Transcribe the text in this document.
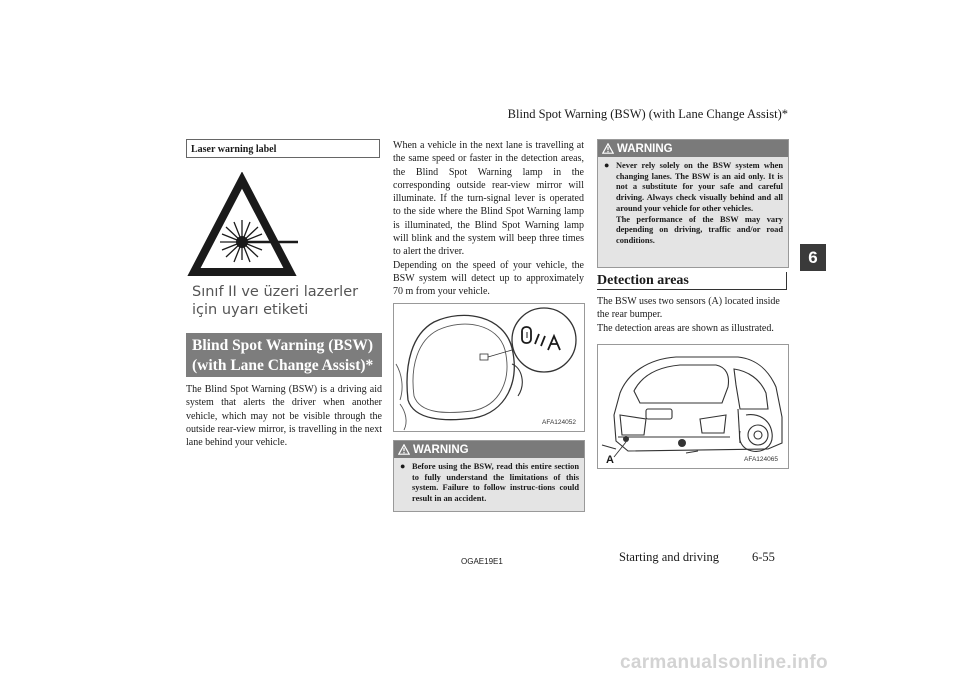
Blind Spot Warning (BSW) (with Lane Change Assist)*
6
Laser warning label
Sınıf II ve üzeri lazerler
için uyarı etiketi
Blind Spot Warning (BSW)
(with Lane Change Assist)*
The Blind Spot Warning (BSW) is a driving aid system that alerts the driver when another vehicle, which may not be visible through the outside rear-view mirror, is travelling in the next lane behind your vehicle.
When a vehicle in the next lane is travelling at the same speed or faster in the detection areas, the Blind Spot Warning lamp in the corresponding outside rear-view mirror will illuminate. If the turn-signal lever is operated to the side where the Blind Spot Warning lamp is illuminated, the Blind Spot Warning lamp will blink and the system will beep three times to alert the driver.
Depending on the speed of your vehicle, the BSW system will detect up to approximately 70 m from your vehicle.
AFA124052
WARNING
● Before using the BSW, read this entire section to fully understand the limitations of this system. Failure to follow instruc-tions could result in an accident.
WARNING
● Never rely solely on the BSW system when changing lanes. The BSW is an aid only. It is not a substitute for your safe and careful driving. Always check visually behind and all around your vehicle for other vehicles.
The performance of the BSW may vary depending on driving, traffic and/or road conditions.
Detection areas
The BSW uses two sensors (A) located inside the rear bumper.
The detection areas are shown as illustrated.
A	AFA124065
OGAE19E1	Starting and driving	6-55
carmanualsonline.info
